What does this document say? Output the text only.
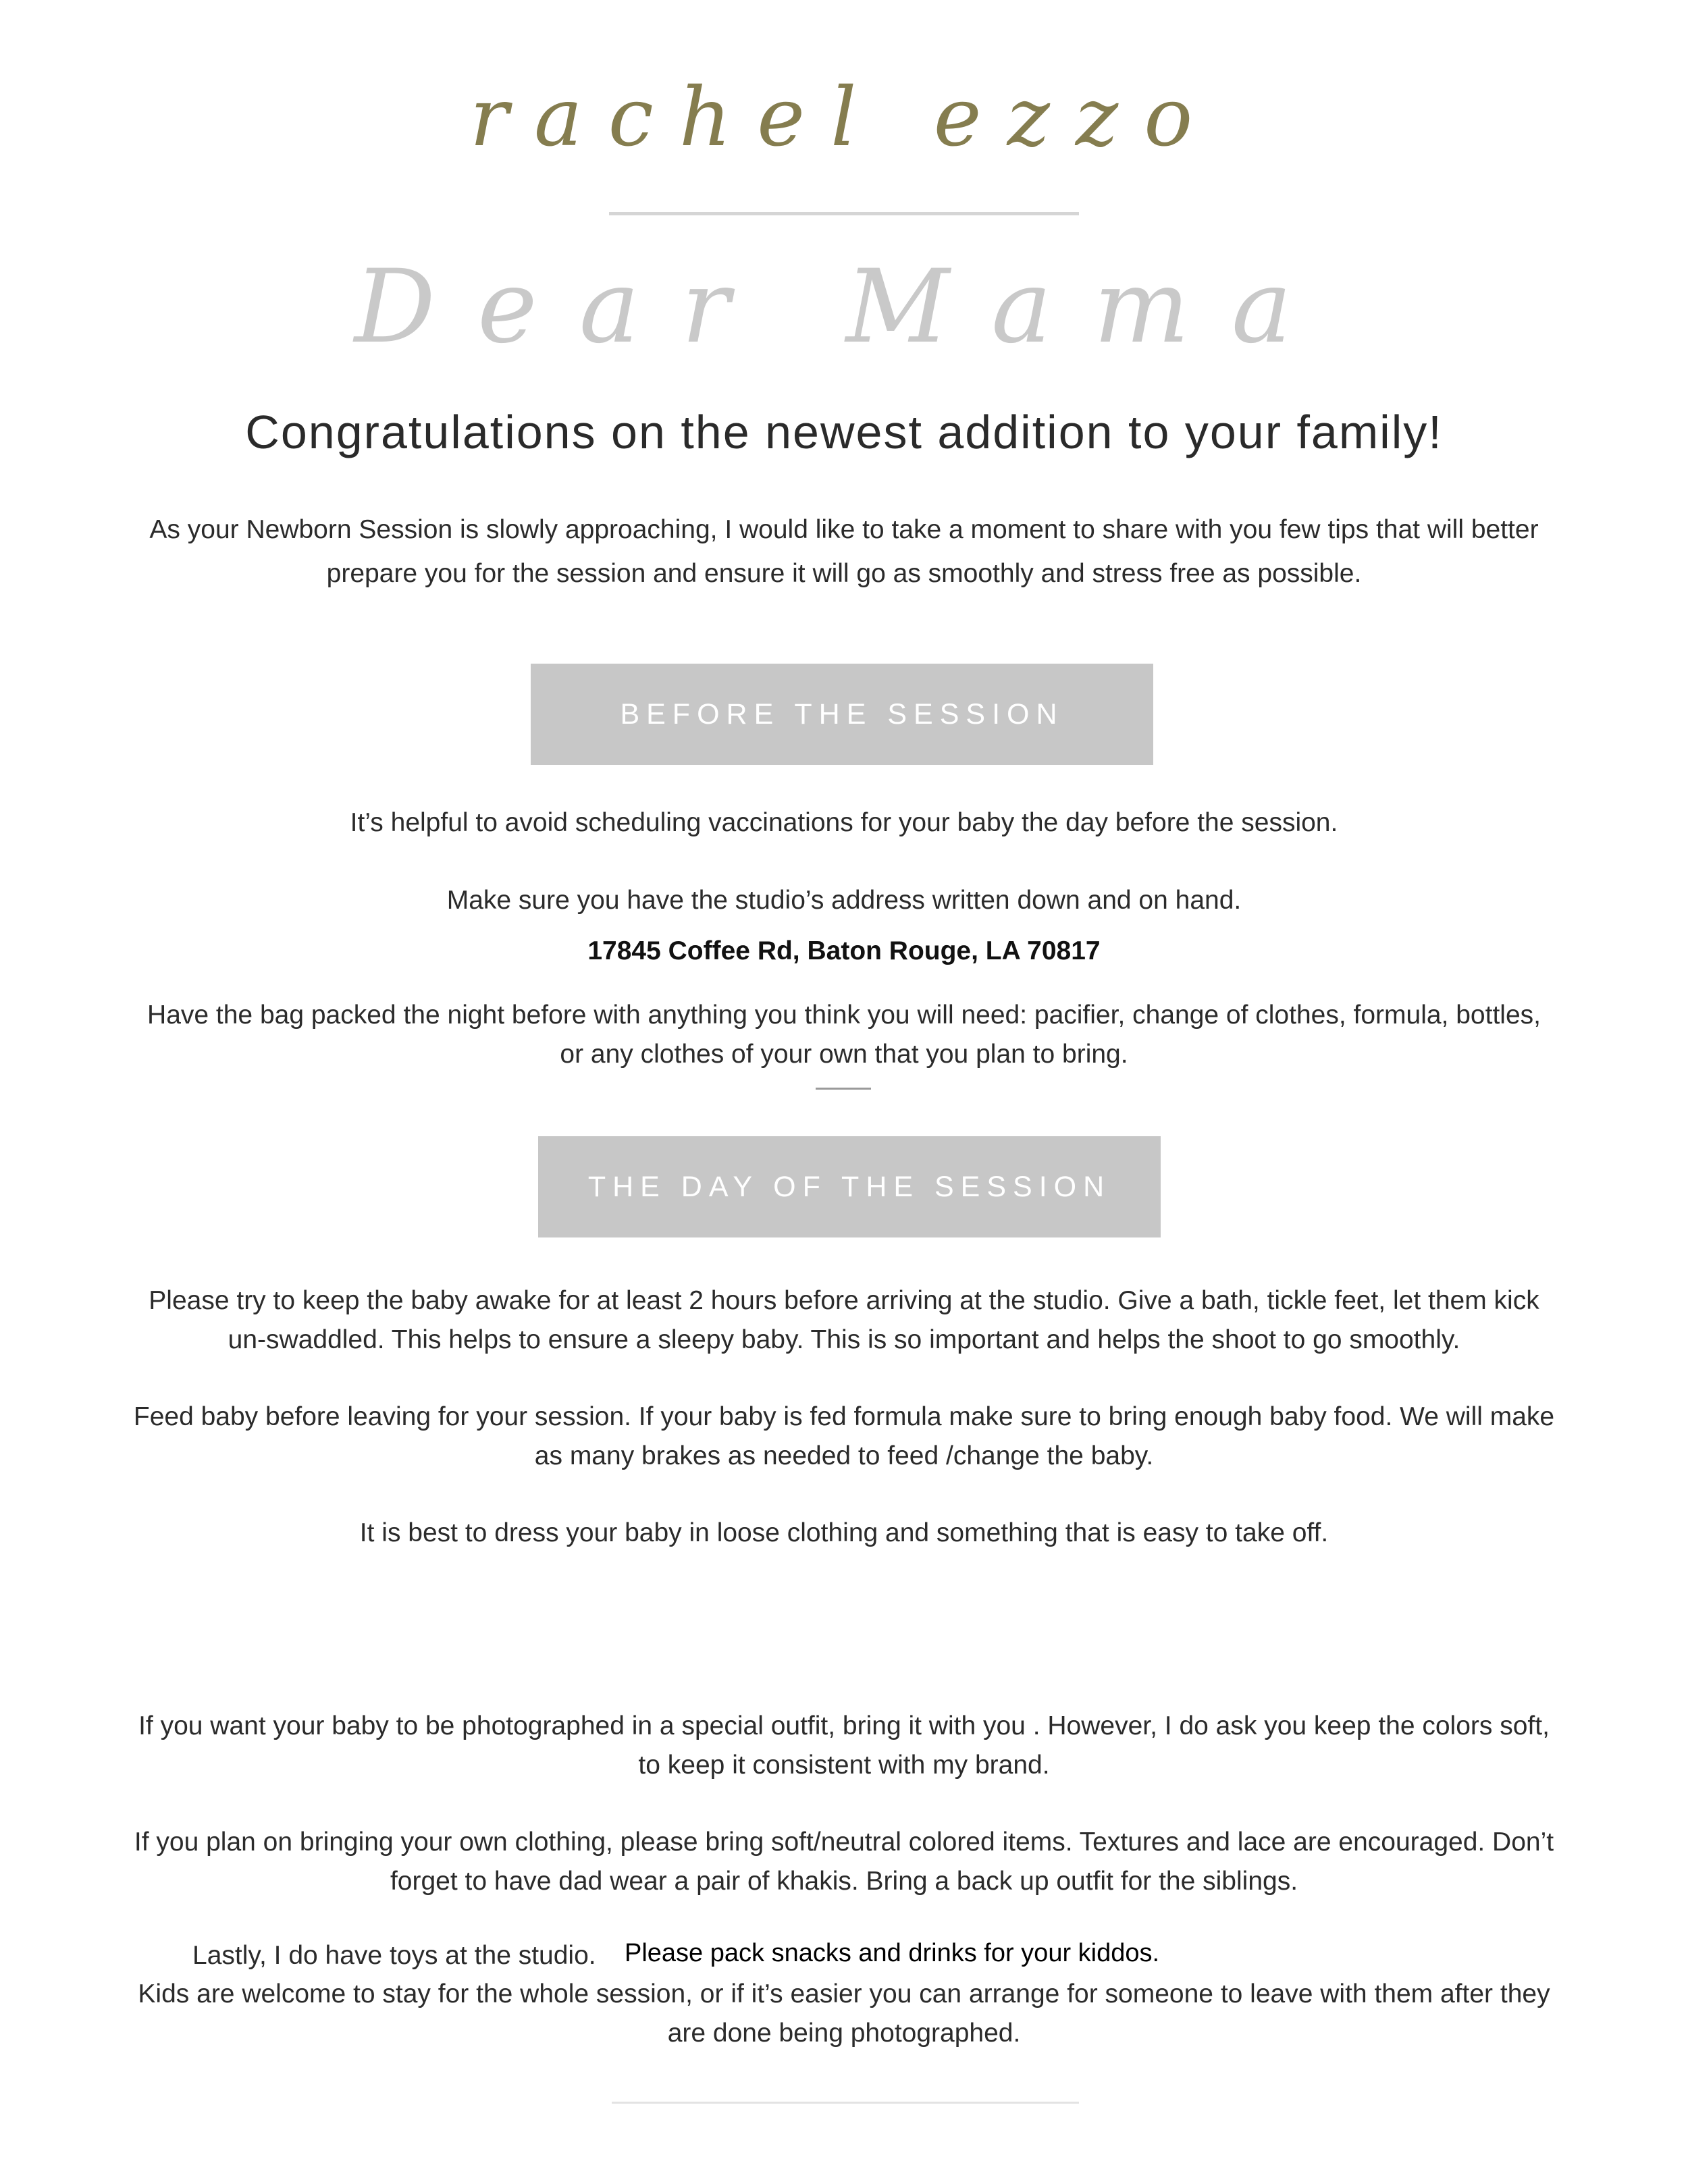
rachel ezzo
Dear Mama
Congratulations on the newest addition to your family!
As your Newborn Session is slowly approaching, I would like to take a moment to share with you few tips that will better
prepare you for the session and ensure it will go as smoothly and stress free as possible.
BEFORE THE SESSION
It’s helpful to avoid scheduling vaccinations for your baby the day before the session.
Make sure you have the studio’s address written down and on hand.
17845 Coffee Rd, Baton Rouge, LA 70817
Have the bag packed the night before with anything you think you will need: pacifier, change of clothes, formula, bottles,
or any clothes of your own that you plan to bring.
THE DAY OF THE SESSION
Please try to keep the baby awake for at least 2 hours before arriving at the studio. Give a bath, tickle feet, let them kick
un-swaddled. This helps to ensure a sleepy baby. This is so important and helps the shoot to go smoothly.
Feed baby before leaving for your session. If your baby is fed formula make sure to bring enough baby food. We will make
as many brakes as needed to feed /change the baby.
It is best to dress your baby in loose clothing and something that is easy to take off.
If you want your baby to be photographed in a special outfit, bring it with you . However, I do ask you keep the colors soft,
to keep it consistent with my brand.
If you plan on bringing your own clothing, please bring soft/neutral colored items. Textures and lace are encouraged. Don’t
forget to have dad wear a pair of khakis. Bring a back up outfit for the siblings.
Lastly, I do have toys at the studio. Please pack snacks and drinks for your kiddos.
Kids are welcome to stay for the whole session, or if it’s easier you can arrange for someone to leave with them after they
are done being photographed.
